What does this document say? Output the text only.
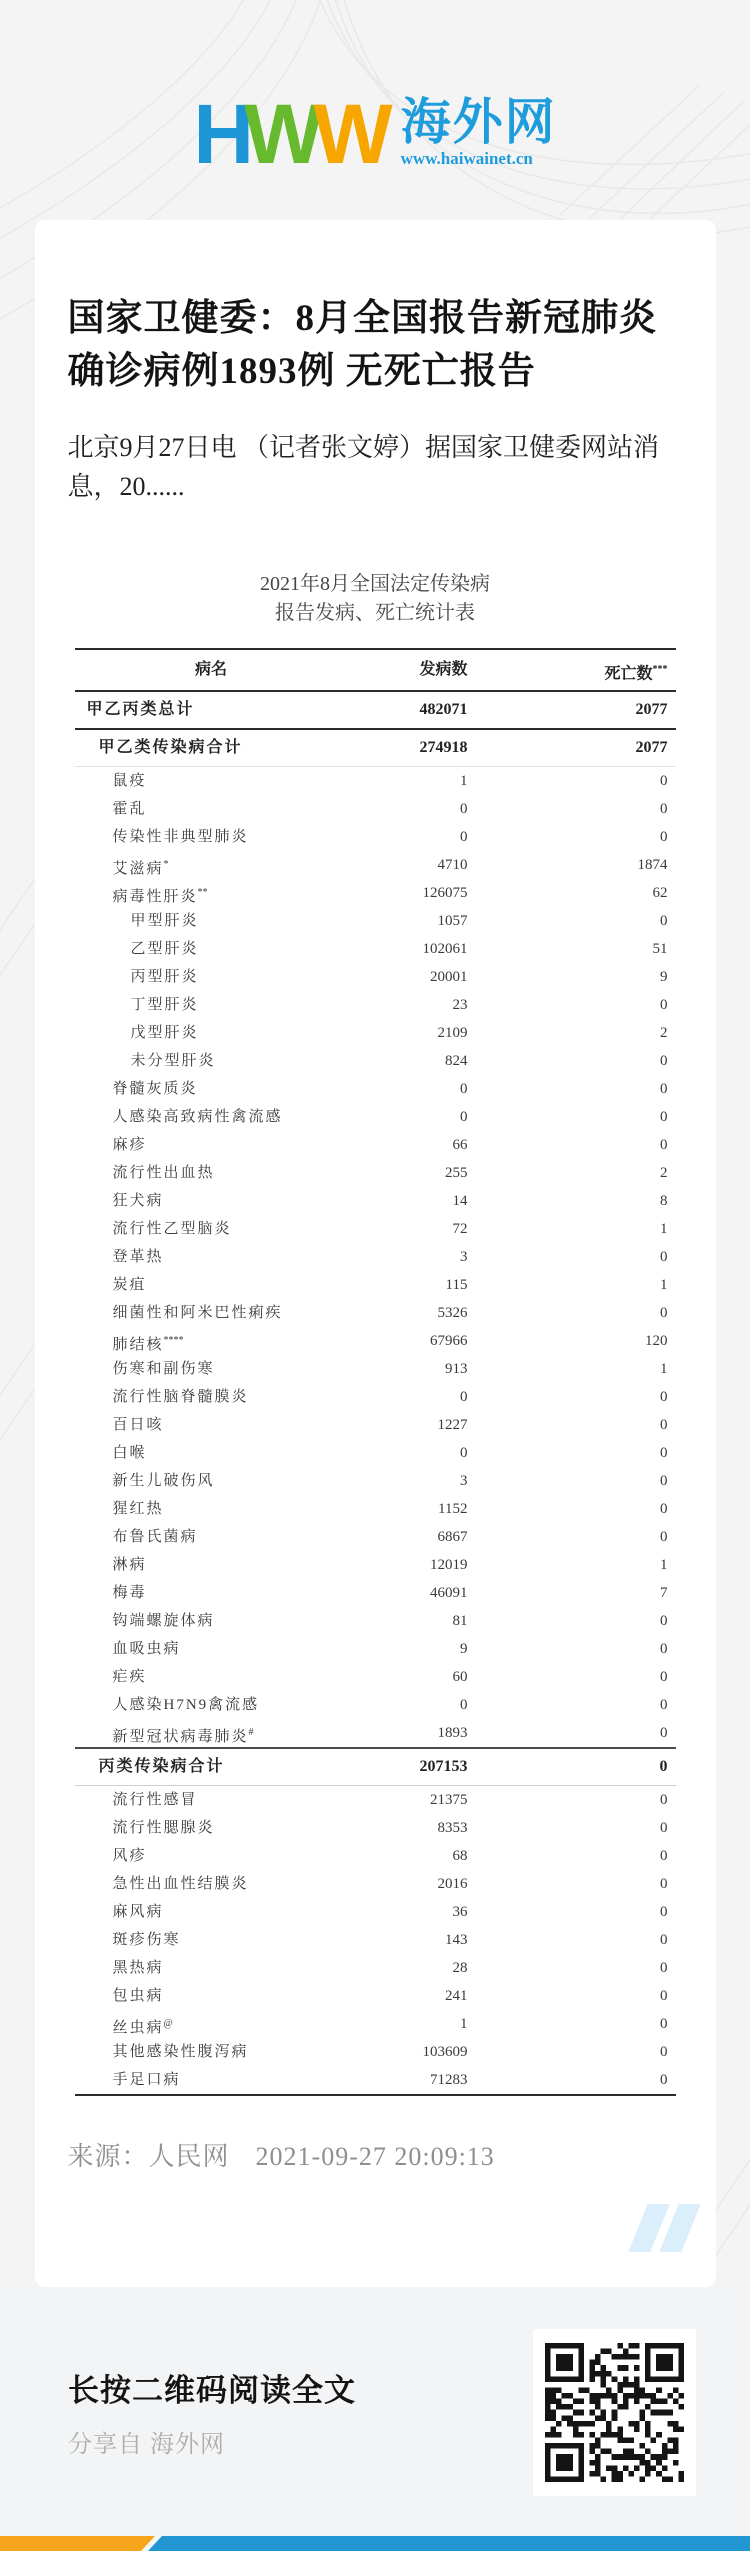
HWW 海外网
www.haiwainet.cn
国家卫健委：8月全国报告新冠肺炎确诊病例1893例 无死亡报告

北京9月27日电 （记者张文婷）据国家卫健委网站消息，20......

2021年8月全国法定传染病
报告发病、死亡统计表
病名	发病数	死亡数***
甲乙丙类总计	482071	2077
甲乙类传染病合计	274918	2077
鼠疫	1	0
霍乱	0	0
传染性非典型肺炎	0	0
艾滋病*	4710	1874
病毒性肝炎**	126075	62
甲型肝炎	1057	0
乙型肝炎	102061	51
丙型肝炎	20001	9
丁型肝炎	23	0
戊型肝炎	2109	2
未分型肝炎	824	0
脊髓灰质炎	0	0
人感染高致病性禽流感	0	0
麻疹	66	0
流行性出血热	255	2
狂犬病	14	8
流行性乙型脑炎	72	1
登革热	3	0
炭疽	115	1
细菌性和阿米巴性痢疾	5326	0
肺结核****	67966	120
伤寒和副伤寒	913	1
流行性脑脊髓膜炎	0	0
百日咳	1227	0
白喉	0	0
新生儿破伤风	3	0
猩红热	1152	0
布鲁氏菌病	6867	0
淋病	12019	1
梅毒	46091	7
钩端螺旋体病	81	0
血吸虫病	9	0
疟疾	60	0
人感染H7N9禽流感	0	0
新型冠状病毒肺炎#	1893	0
丙类传染病合计	207153	0
流行性感冒	21375	0
流行性腮腺炎	8353	0
风疹	68	0
急性出血性结膜炎	2016	0
麻风病	36	0
斑疹伤寒	143	0
黑热病	28	0
包虫病	241	0
丝虫病@	1	0
其他感染性腹泻病	103609	0
手足口病	71283	0
来源：人民网 2021-09-27 20:09:13
长按二维码阅读全文
分享自 海外网
